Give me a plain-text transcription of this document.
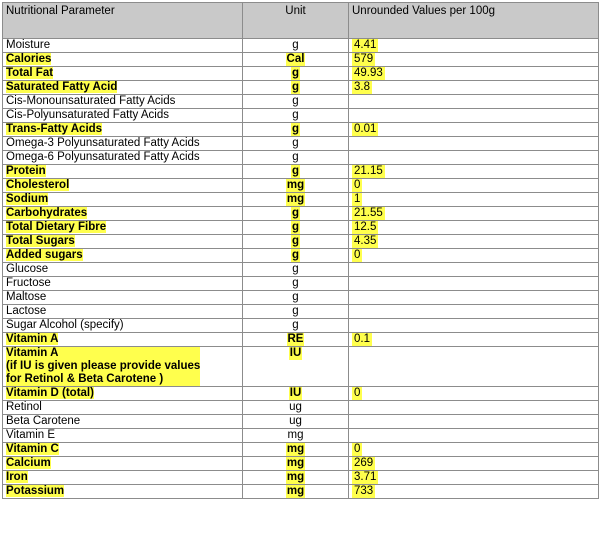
Nutritional Parameter	Unit	Unrounded Values per 100g
Moisture	g	4.41
Calories	Cal	579
Total Fat	g	49.93
Saturated Fatty Acid	g	3.8
Cis-Monounsaturated Fatty Acids	g	
Cis-Polyunsaturated Fatty Acids	g	
Trans-Fatty Acids	g	0.01
Omega-3 Polyunsaturated Fatty Acids	g	
Omega-6 Polyunsaturated Fatty Acids	g	
Protein	g	21.15
Cholesterol	mg	0
Sodium	mg	1
Carbohydrates	g	21.55
Total Dietary Fibre	g	12.5
Total Sugars	g	4.35
Added sugars	g	0
Glucose	g	
Fructose	g	
Maltose	g	
Lactose	g	
Sugar Alcohol (specify)	g	
Vitamin A	RE	0.1
Vitamin A
(if IU is given please provide values
for Retinol & Beta Carotene )	IU	
Vitamin D (total)	IU	0
Retinol	ug	
Beta Carotene	ug	
Vitamin E	mg	
Vitamin C	mg	0
Calcium	mg	269
Iron	mg	3.71
Potassium	mg	733
